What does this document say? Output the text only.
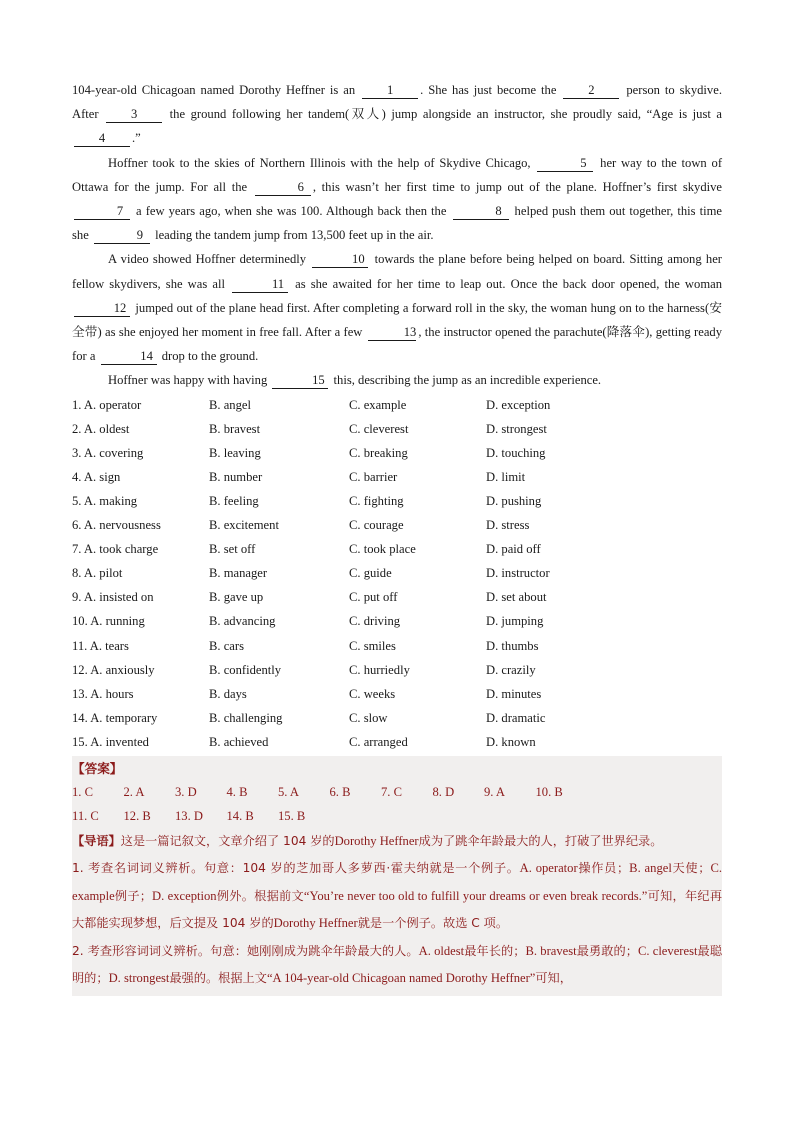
104-year-old Chicagoan named Dorothy Heffner is an 1 . She has just become the 2 person to skydive. After 3 the ground following her tandem(双人) jump alongside an instructor, she proudly said, “Age is just a 4 .”

Hoffner took to the skies of Northern Illinois with the help of Skydive Chicago,	5 her way to the town of Ottawa for the jump. For all the	6 , this wasn’t her first time to jump out of the plane. Hoffner’s first skydive 7 a few years ago, when she was 100. Although back then the	8 helped push them out together, this time she	9 leading the tandem jump from 13,500 feet up in the air.

A video showed Hoffner determinedly	10 towards the plane before being helped on board. Sitting among her fellow skydivers, she was all	11 as she awaited for her time to leap out. Once the back door opened, the woman 12 jumped out of the plane head first. After completing a forward roll in the sky, the woman hung on to the harness(安全带) as she enjoyed her moment in free fall. After a few	13 , the instructor opened the parachute(降落伞), getting ready for a	14 drop to the ground.

Hoffner was happy with having	15 this, describing the jump as an incredible experience.

1. A. operator	B. angel	C. example	D. exception
2. A. oldest	B. bravest	C. cleverest	D. strongest
3. A. covering	B. leaving	C. breaking	D. touching
4. A. sign	B. number	C. barrier	D. limit
5. A. making	B. feeling	C. fighting	D. pushing
6. A. nervousness	B. excitement	C. courage	D. stress
7. A. took charge	B. set off	C. took place	D. paid off
8. A. pilot	B. manager	C. guide	D. instructor
9. A. insisted on	B. gave up	C. put off	D. set about
10. A. running	B. advancing	C. driving	D. jumping
11. A. tears	B. cars	C. smiles	D. thumbs
12. A. anxiously	B. confidently	C. hurriedly	D. crazily
13. A. hours	B. days	C. weeks	D. minutes
14. A. temporary	B. challenging	C. slow	D. dramatic
15. A. invented	B. achieved	C. arranged	D. known
【答案】
1. C	2. A	3. D	4. B	5. A	6. B	7. C	8. D	9. A	10. B
11. C	12. B	13. D	14. B	15. B

【导语】这是一篇记叙文，文章介绍了 104 岁的Dorothy Heffner成为了跳伞年龄最大的人，打破了世界纪录。

1. 考查名词词义辨析。句意：104 岁的芝加哥人多萝西·霍夫纳就是一个例子。A. operator操作员；B. angel天使；C. example例子；D. exception例外。根据前文“You’re never too old to fulfill your dreams or even break records.”可知，年纪再大都能实现梦想，后文提及 104 岁的Dorothy Heffner就是一个例子。故选 C 项。

2. 考查形容词词义辨析。句意：她刚刚成为跳伞年龄最大的人。A. oldest最年长的；B. bravest最勇敢的；C. cleverest最聪明的；D. strongest最强的。根据上文“A 104-year-old Chicagoan named Dorothy Heffner”可知，
